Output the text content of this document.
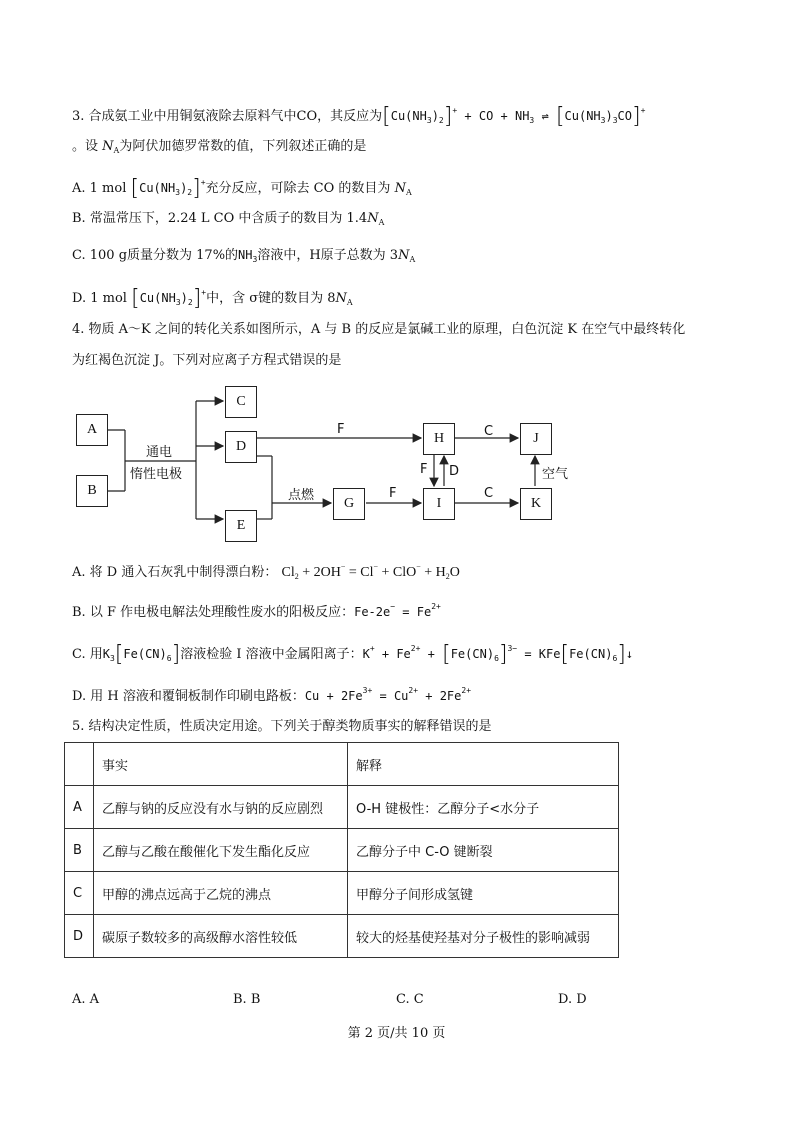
3. 合成氨工业中用铜氨液除去原料气中CO，其反应为$[Cu(NH_3)_2]^+$ + CO + $NH_3$ ⇌ $[Cu(NH_3)_3CO]^+$
。设 $N_A$为阿伏加德罗常数的值，下列叙述正确的是
A. 1 mol $[Cu(NH_3)_2]^+$充分反应，可除去 CO 的数目为 $N_A$
B. 常温常压下，2.24 L CO 中含质子的数目为 $1.4N_A$
C. 100 g质量分数为 17%的$NH_3$溶液中，H原子总数为 $3N_A$
D. 1 mol $[Cu(NH_3)_2]^+$中，含 σ键的数目为 $8N_A$
4. 物质 A～K 之间的转化关系如图所示，A 与 B 的反应是氯碱工业的原理，白色沉淀 K 在空气中最终转化
为红褐色沉淀 J。下列对应离子方程式错误的是
A
B
C
D
E
G
H
I
J
K
通电
惰性电极
点燃
F
F
F D
C
C
空气
A. 将 D 通入石灰乳中制得漂白粉： $Cl_2 + 2OH^- = Cl^- + ClO^- + H_2O$
B. 以 F 作电极电解法处理酸性废水的阳极反应：$Fe-2e^- = Fe^{2+}$
C. 用$K_3[Fe(CN)_6]$溶液检验 I 溶液中金属阳离子：$K^+ + Fe^{2+} + [Fe(CN)_6]^{3-}$ = $KFe[Fe(CN)_6]↓$
D. 用 H 溶液和覆铜板制作印刷电路板：$Cu + 2Fe^{3+} = Cu^{2+} + 2Fe^{2+}$
5. 结构决定性质，性质决定用途。下列关于醇类物质事实的解释错误的是
	事实	解释
A	乙醇与钠的反应没有水与钠的反应剧烈	O-H 键极性：乙醇分子<水分子
B	乙醇与乙酸在酸催化下发生酯化反应	乙醇分子中 C-O 键断裂
C	甲醇的沸点远高于乙烷的沸点	甲醇分子间形成氢键
D	碳原子数较多的高级醇水溶性较低	较大的烃基使羟基对分子极性的影响减弱
A. A	B. B	C. C	D. D
第 2 页/共 10 页
